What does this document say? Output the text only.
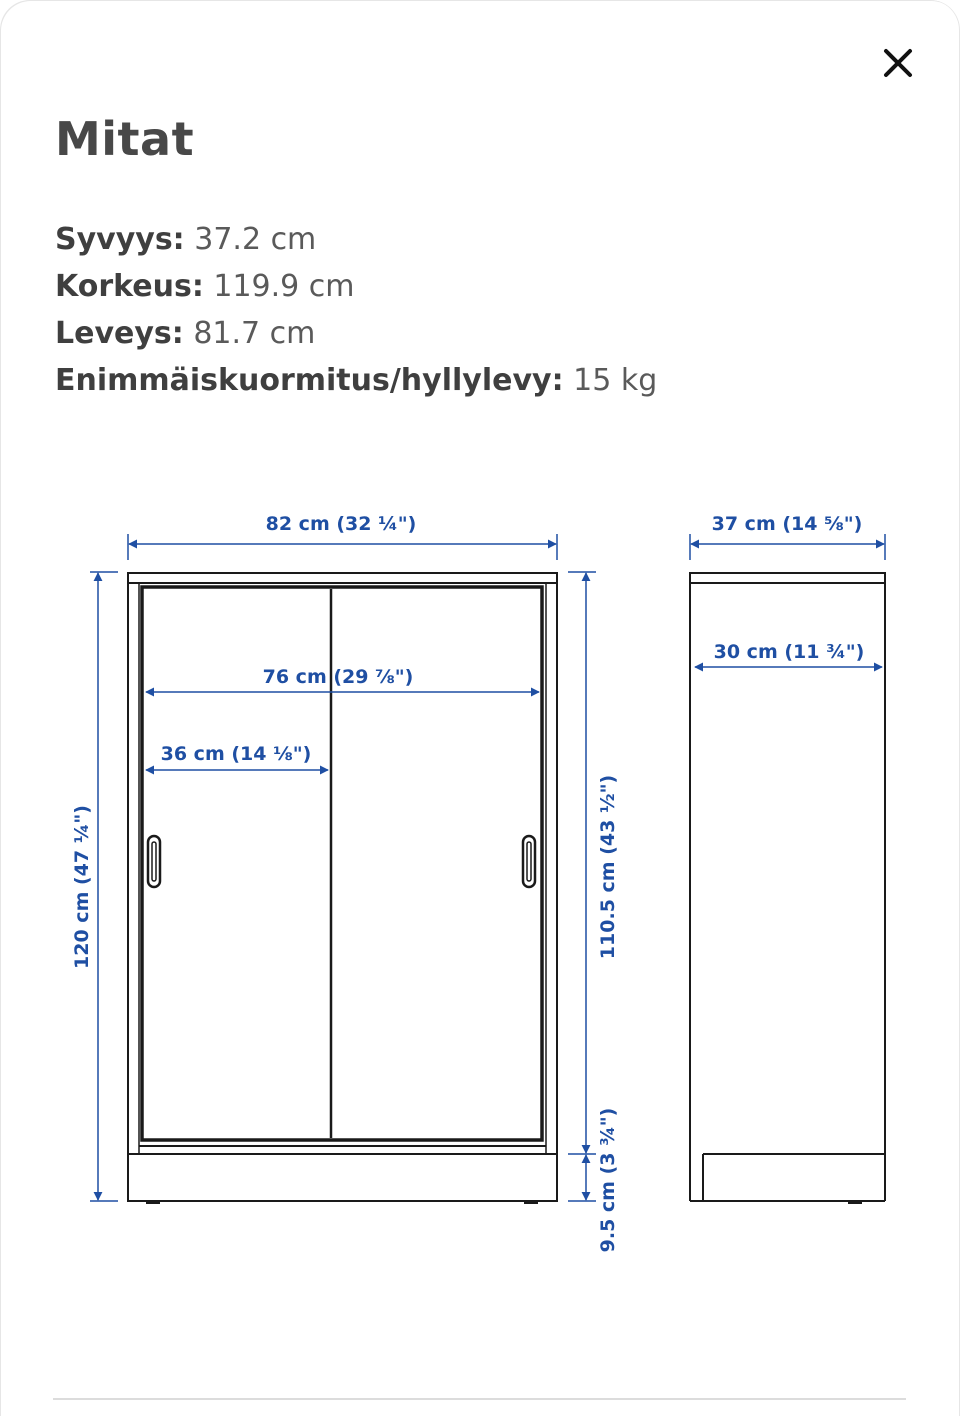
Mitat
Syvyys: 37.2 cm
Korkeus: 119.9 cm
Leveys: 81.7 cm
Enimmäiskuormitus/hyllylevy: 15 kg
82 cm (32 ¼")
76 cm (29 ⅞")
36 cm (14 ⅛")
120 cm (47 ¼")	110.5 cm (43 ½")
9.5 cm (3 ¾")
37 cm (14 ⅝")
30 cm (11 ¾")
